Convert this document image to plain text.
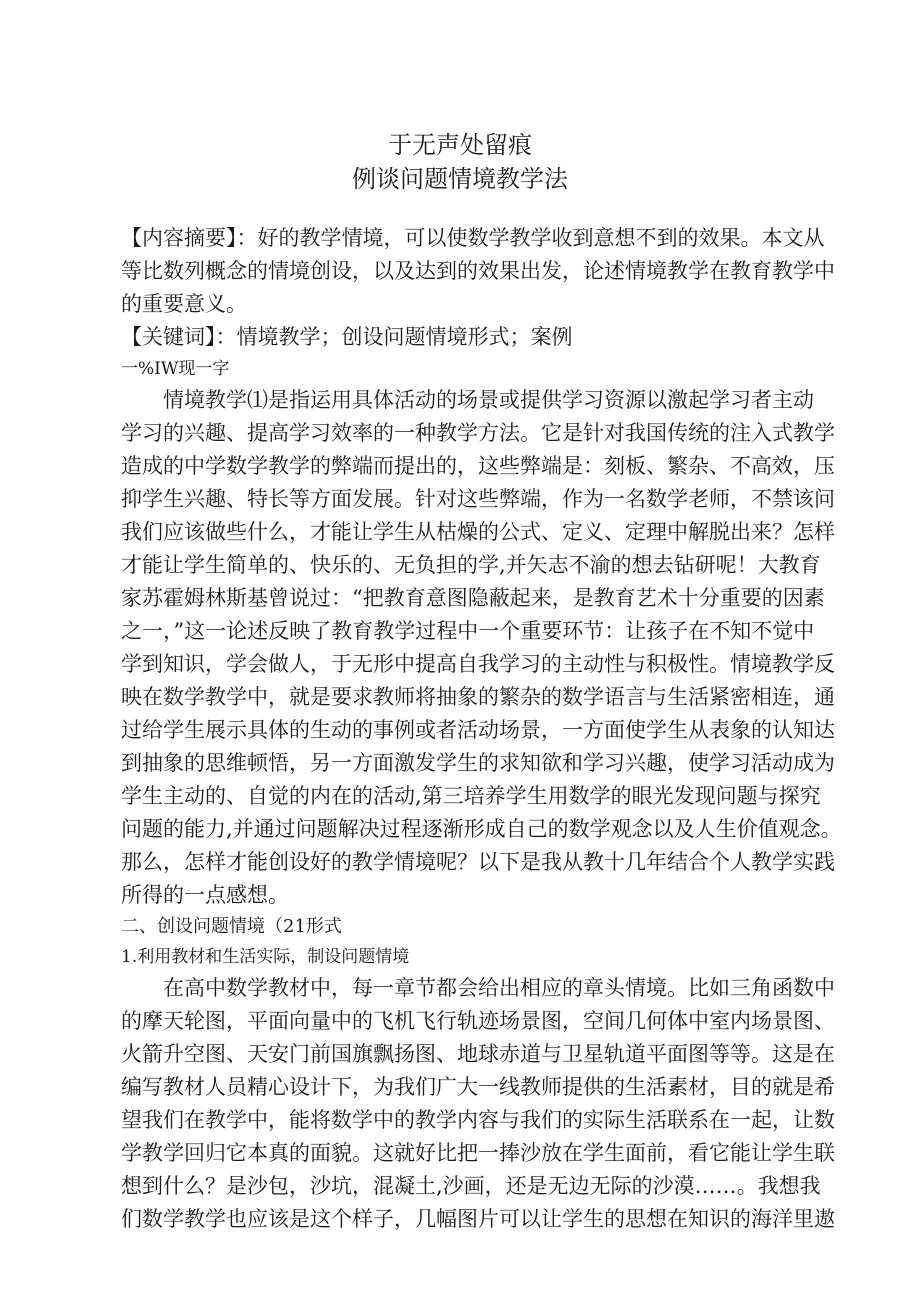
于无声处留痕
例谈问题情境教学法
【内容摘要】：好的教学情境，可以使数学教学收到意想不到的效果。本文从
等比数列概念的情境创设，以及达到的效果出发，论述情境教学在教育教学中
的重要意义。
【关键词】：情境教学；创设问题情境形式；案例
一%IW现一字
情境教学⑴是指运用具体活动的场景或提供学习资源以激起学习者主动
学习的兴趣、提高学习效率的一种教学方法。它是针对我国传统的注入式教学
造成的中学数学教学的弊端而提出的，这些弊端是：刻板、繁杂、不高效，压
抑学生兴趣、特长等方面发展。针对这些弊端，作为一名数学老师，不禁该问
我们应该做些什么，才能让学生从枯燥的公式、定义、定理中解脱出来？怎样
才能让学生简单的、快乐的、无负担的学,并矢志不渝的想去钻研呢！大教育
家苏霍姆林斯基曾说过：“把教育意图隐蔽起来，是教育艺术十分重要的因素
之一，”这一论述反映了教育教学过程中一个重要环节：让孩子在不知不觉中
学到知识，学会做人，于无形中提高自我学习的主动性与积极性。情境教学反
映在数学教学中，就是要求教师将抽象的繁杂的数学语言与生活紧密相连，通
过给学生展示具体的生动的事例或者活动场景，一方面使学生从表象的认知达
到抽象的思维顿悟，另一方面激发学生的求知欲和学习兴趣，使学习活动成为
学生主动的、自觉的内在的活动,第三培养学生用数学的眼光发现问题与探究
问题的能力,并通过问题解决过程逐渐形成自己的数学观念以及人生价值观念。
那么，怎样才能创设好的教学情境呢？以下是我从教十几年结合个人教学实践
所得的一点感想。
二、创设问题情境（21形式
1.利用教材和生活实际，制设问题情境
在高中数学教材中，每一章节都会给出相应的章头情境。比如三角函数中
的摩天轮图，平面向量中的飞机飞行轨迹场景图，空间几何体中室内场景图、
火箭升空图、天安门前国旗飘扬图、地球赤道与卫星轨道平面图等等。这是在
编写教材人员精心设计下，为我们广大一线教师提供的生活素材，目的就是希
望我们在教学中，能将数学中的教学内容与我们的实际生活联系在一起，让数
学教学回归它本真的面貌。这就好比把一捧沙放在学生面前，看它能让学生联
想到什么？是沙包，沙坑，混凝土,沙画，还是无边无际的沙漠……。我想我
们数学教学也应该是这个样子，几幅图片可以让学生的思想在知识的海洋里遨
